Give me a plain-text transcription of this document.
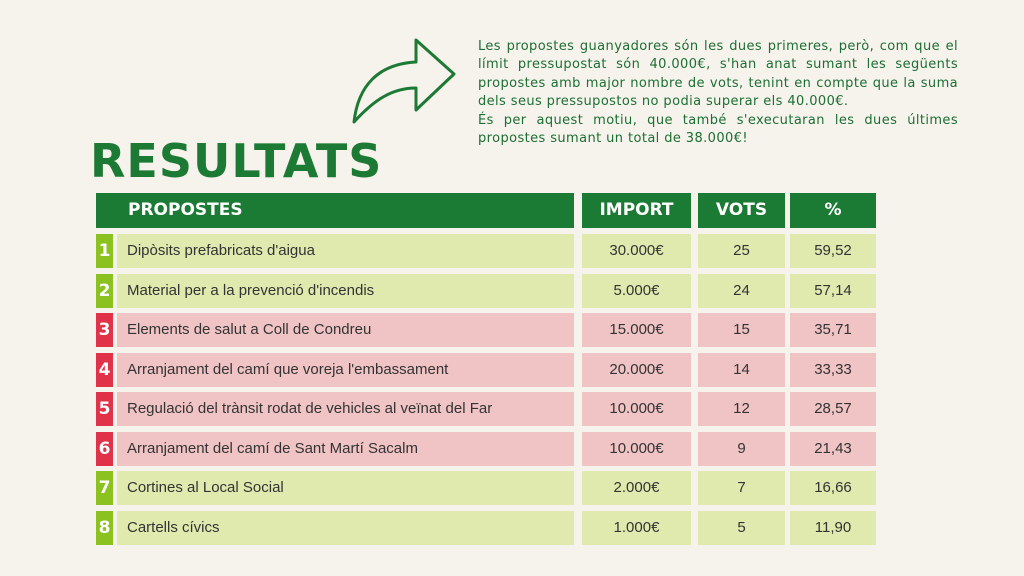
RESULTATS

Les propostes guanyadores són les dues primeres, però, com que el límit pressupostat són 40.000€, s'han anat sumant les següents propostes amb major nombre de vots, tenint en compte que la suma dels seus pressupostos no podia superar els 40.000€.

És per aquest motiu, que també s'executaran les dues últimes propostes sumant un total de 38.000€!

PROPOSTES	IMPORT	VOTS	%
1	Dipòsits prefabricats d'aigua	30.000€	25	59,52
2	Material per a la prevenció d'incendis	5.000€	24	57,14
3	Elements de salut a Coll de Condreu	15.000€	15	35,71
4	Arranjament del camí que voreja l'embassament	20.000€	14	33,33
5	Regulació del trànsit rodat de vehicles al veïnat del Far	10.000€	12	28,57
6	Arranjament del camí de Sant Martí Sacalm	10.000€	9	21,43
7	Cortines al Local Social	2.000€	7	16,66
8	Cartells cívics	1.000€	5	11,90
